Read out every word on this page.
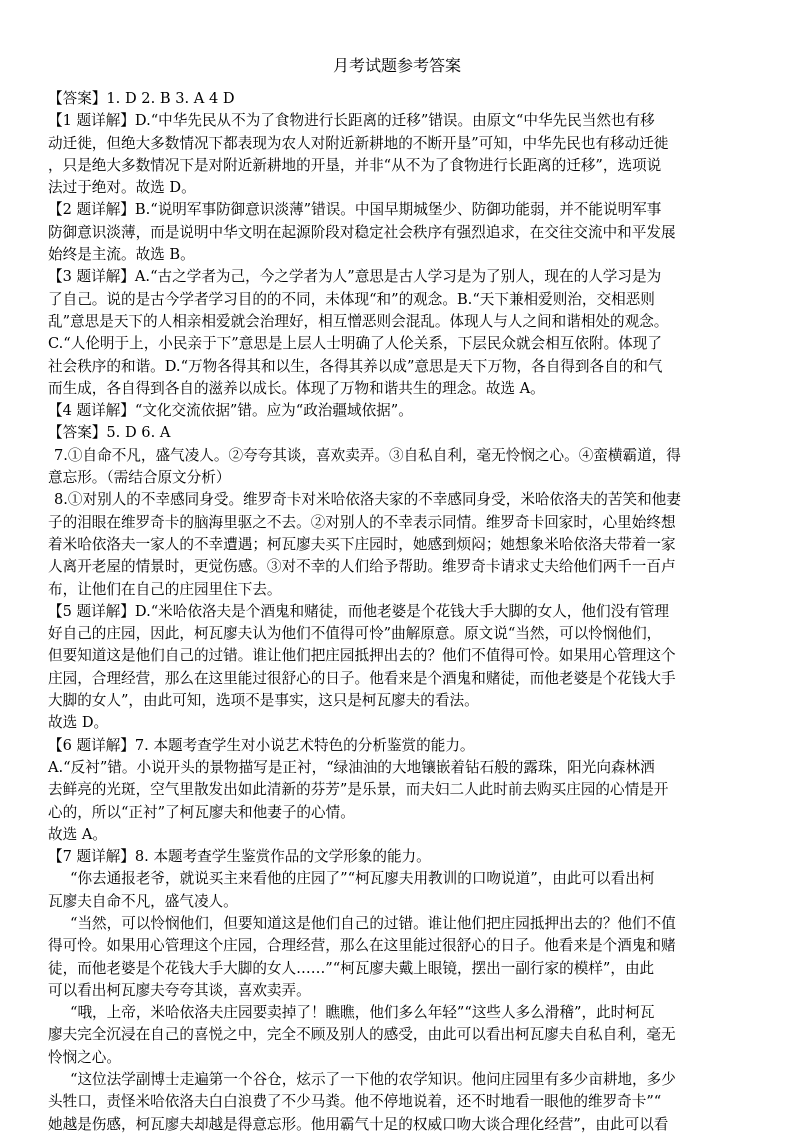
月考试题参考答案

【答案】1. D 2. B 3. A 4 D

【1 题详解】D.“中华先民从不为了食物进行长距离的迁移”错误。由原文“中华先民当然也有移

动迁徙，但绝大多数情况下都表现为农人对附近新耕地的不断开垦”可知，中华先民也有移动迁徙

，只是绝大多数情况下是对附近新耕地的开垦，并非“从不为了食物进行长距离的迁移”，选项说

法过于绝对。故选 D。

【2 题详解】B.“说明军事防御意识淡薄”错误。中国早期城堡少、防御功能弱，并不能说明军事

防御意识淡薄，而是说明中华文明在起源阶段对稳定社会秩序有强烈追求，在交往交流中和平发展

始终是主流。故选 B。

【3 题详解】A.“古之学者为己，今之学者为人”意思是古人学习是为了别人，现在的人学习是为

了自己。说的是古今学者学习目的的不同，未体现“和”的观念。B.“天下兼相爱则治，交相恶则

乱”意思是天下的人相亲相爱就会治理好，相互憎恶则会混乱。体现人与人之间和谐相处的观念。

C.“人伦明于上，小民亲于下”意思是上层人士明确了人伦关系，下层民众就会相互依附。体现了

社会秩序的和谐。D.“万物各得其和以生，各得其养以成”意思是天下万物，各自得到各自的和气

而生成，各自得到各自的滋养以成长。体现了万物和谐共生的理念。故选 A。

【4 题详解】“文化交流依据”错。应为“政治疆域依据”。

【答案】5. D 6. A

7.①自命不凡，盛气凌人。②夸夸其谈，喜欢卖弄。③自私自利，毫无怜悯之心。④蛮横霸道，得

意忘形。（需结合原文分析）

8.①对别人的不幸感同身受。维罗奇卡对米哈依洛夫家的不幸感同身受，米哈依洛夫的苦笑和他妻

子的泪眼在维罗奇卡的脑海里驱之不去。②对别人的不幸表示同情。维罗奇卡回家时，心里始终想

着米哈依洛夫一家人的不幸遭遇；柯瓦廖夫买下庄园时，她感到烦闷；她想象米哈依洛夫带着一家

人离开老屋的情景时，更觉伤感。③对不幸的人们给予帮助。维罗奇卡请求丈夫给他们两千一百卢

布，让他们在自己的庄园里住下去。

【5 题详解】D.“米哈依洛夫是个酒鬼和赌徒，而他老婆是个花钱大手大脚的女人，他们没有管理

好自己的庄园，因此，柯瓦廖夫认为他们不值得可怜”曲解原意。原文说“当然，可以怜悯他们，

但要知道这是他们自己的过错。谁让他们把庄园抵押出去的？他们不值得可怜。如果用心管理这个

庄园，合理经营，那么在这里能过很舒心的日子。他看来是个酒鬼和赌徒，而他老婆是个花钱大手

大脚的女人”，由此可知，选项不是事实，这只是柯瓦廖夫的看法。

故选 D。

【6 题详解】7. 本题考查学生对小说艺术特色的分析鉴赏的能力。

A.“反衬”错。小说开头的景物描写是正衬，“绿油油的大地镶嵌着钻石般的露珠，阳光向森林洒

去鲜亮的光斑，空气里散发出如此清新的芬芳”是乐景，而夫妇二人此时前去购买庄园的心情是开

心的，所以“正衬”了柯瓦廖夫和他妻子的心情。

故选 A。

【7 题详解】8. 本题考查学生鉴赏作品的文学形象的能力。

“你去通报老爷，就说买主来看他的庄园了”“柯瓦廖夫用教训的口吻说道”，由此可以看出柯

瓦廖夫自命不凡，盛气凌人。

“当然，可以怜悯他们，但要知道这是他们自己的过错。谁让他们把庄园抵押出去的？他们不值

得可怜。如果用心管理这个庄园，合理经营，那么在这里能过很舒心的日子。他看来是个酒鬼和赌

徒，而他老婆是个花钱大手大脚的女人……”“柯瓦廖夫戴上眼镜，摆出一副行家的模样”，由此

可以看出柯瓦廖夫夸夸其谈，喜欢卖弄。

“哦，上帝，米哈依洛夫庄园要卖掉了！瞧瞧，他们多么年轻”“这些人多么滑稽”，此时柯瓦

廖夫完全沉浸在自己的喜悦之中，完全不顾及别人的感受，由此可以看出柯瓦廖夫自私自利，毫无

怜悯之心。

“这位法学副博士走遍第一个谷仓，炫示了一下他的农学知识。他问庄园里有多少亩耕地，多少

头牲口，责怪米哈依洛夫白白浪费了不少马粪。他不停地说着，还不时地看一眼他的维罗奇卡”“

她越是伤感，柯瓦廖夫却越是得意忘形。他用霸气十足的权威口吻大谈合理化经营”，由此可以看
